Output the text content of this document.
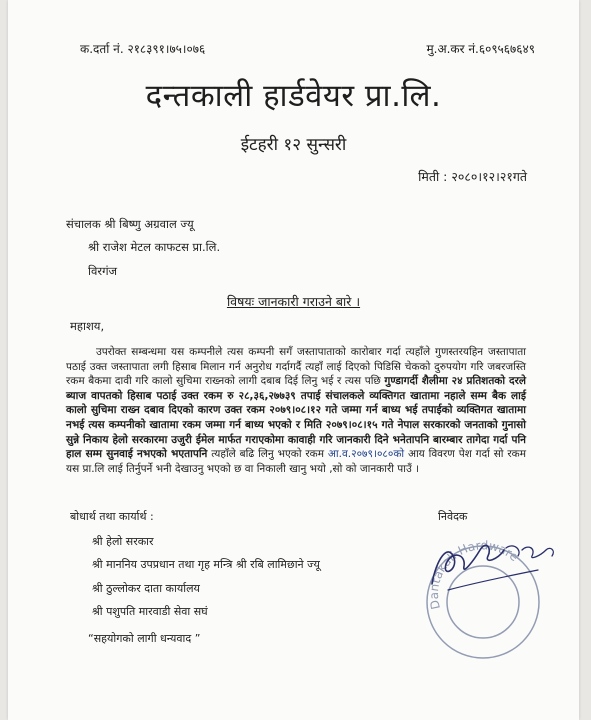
क.दर्ता नं. २१८३९१।७५।०७६	मु.अ.कर नं.६०९५६७६४९
दन्तकाली हार्डवेयर प्रा.लि.
ईटहरी १२ सुन्सरी
मिती : २०८०।१२।२१गते
संचालक श्री बिष्णु अग्रवाल ज्यू
श्री राजेश मेटल काफटस प्रा.लि.
विरगंज
विषयः जानकारी गराउने बारे ।
महाशय,
उपरोक्त सम्बन्धमा यस कम्पनीले त्यस कम्पनी सगँ जस्तापाताको कारोबार गर्दा त्यहाँले गुणस्तरयहिन जस्तापाता पठाई उक्त जस्तापाता लगी हिसाब मिलान गर्न अनुरोध गर्दागर्दै त्यहाँ लाई दिएको पिडिसि चेकको दुरुपयोग गरि जबरजस्ति रकम बैकमा दावी गरि कालो सुचिमा राख्नको लागी दबाब दिई लिनु भई र त्यस पछि गुण्डागर्दी शैलीमा २४ प्रतिशतको दरले ब्याज वापतको हिसाब पठाई उक्त रकम रु २८,३६,२७७३९ तपाई संचालकले व्यक्तिगत खातामा नहाले सम्म बैक लाई कालो सुचिमा राख्न दबाव दिएको कारण उक्त रकम २०७९।०८।१२ गते जम्मा गर्न बाध्य भई तपाईको व्यक्तिगत खातामा नभई त्यस कम्पनीको खातामा रकम जम्मा गर्न बाध्य भएको र मिति २०७९।०८।१५ गते नेपाल सरकारको जनताको गुनासो सुन्ने निकाय हेलो सरकारमा उजुरी ईमेल मार्फत गराएकोमा कावाही गरि जानकारी दिने भनेतापनि बारम्बार तागेदा गर्दा पनि हाल सम्म सुनवाई नभएको भएतापनि त्यहाँले बढि लिनु भएको रकम आ.व.२०७९।०८०को आय विवरण पेश गर्दा सो रकम यस प्रा.लि लाई तिर्नुपर्ने भनी देखाउनु भएको छ वा निकाली खानु भयो ,सो को जानकारी पाउँ ।
बोधार्थ तथा कार्यार्थ :	निवेदक
श्री हेलो सरकार
श्री माननिय उपप्रधान तथा गृह मन्त्रि श्री रबि लामिछाने ज्यू
श्री ठुल्लोकर दाता कार्यालय
श्री पशुपति मारवाडी सेवा सघं
“सहयोगको लागी धन्यवाद ”
Dantakali Hardware
